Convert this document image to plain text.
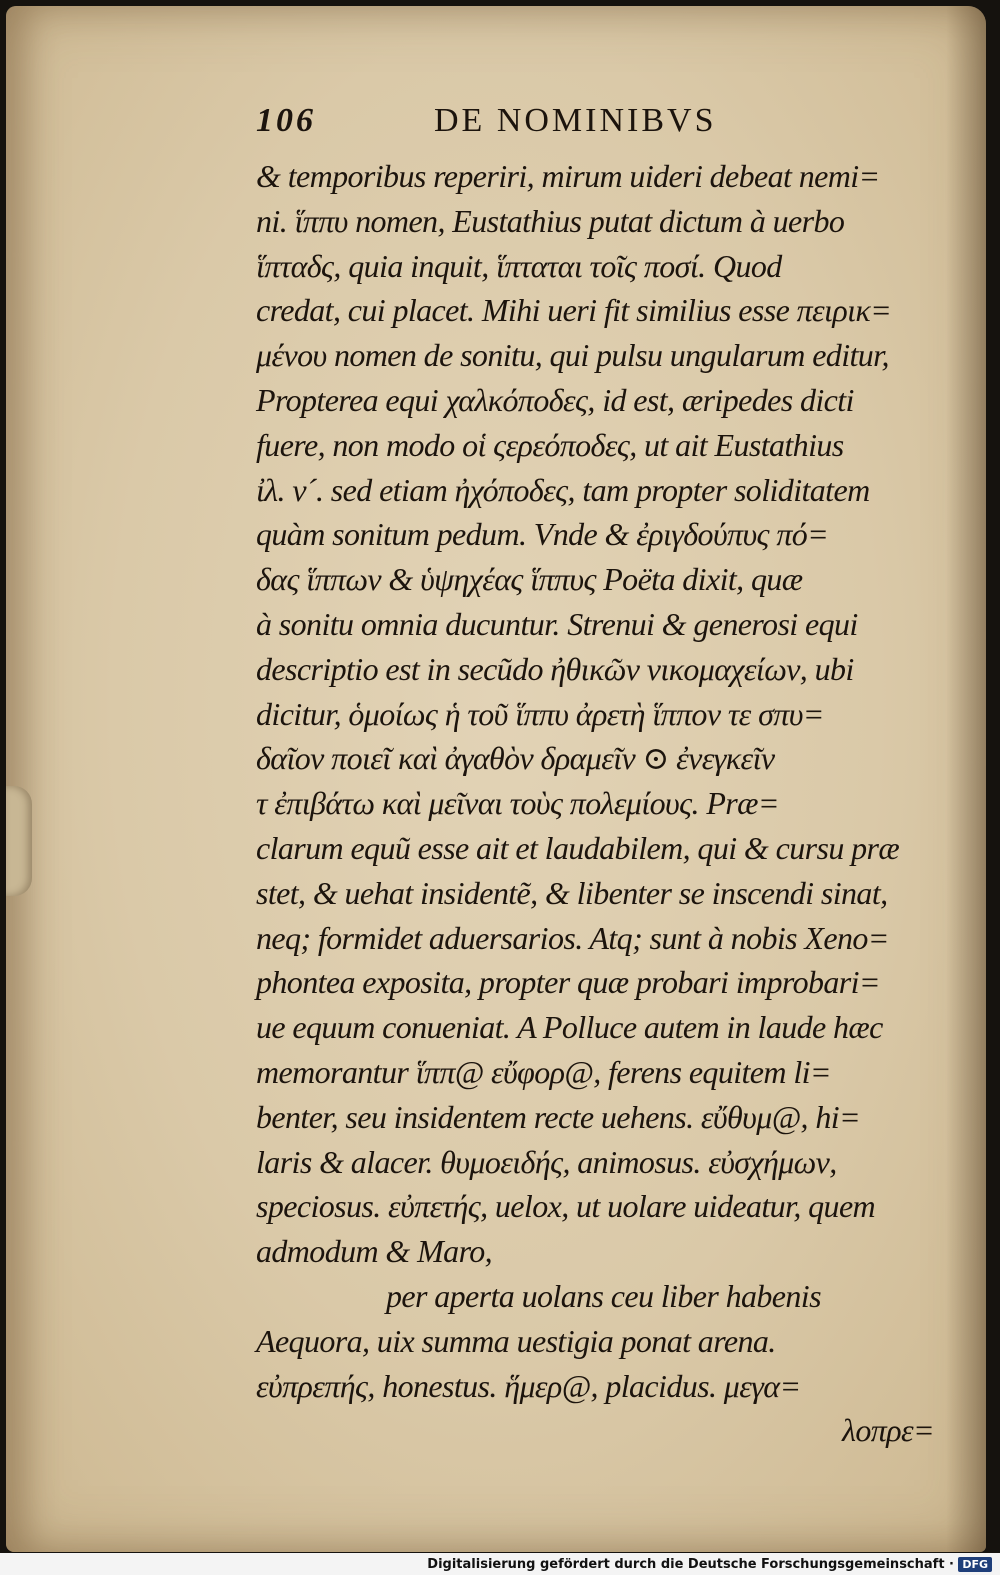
106	DE NOMINIBVS
& temporibus reperiri, mirum uideri debeat nemi=
ni. ἵππυ nomen, Eustathius putat dictum à uerbo
ἵπταδς, quia inquit, ἵπταται τοῖς ποσί. Quod
credat, cui placet. Mihi ueri fit similius esse πειρικ=
μένου nomen de sonitu, qui pulsu ungularum editur,
Propterea equi χαλκόποδες, id est, æripedes dicti
fuere, non modo οἱ ςερεόποδες, ut ait Eustathius
ἰλ. ν´. sed etiam ἠχόποδες, tam propter soliditatem
quàm sonitum pedum. Vnde & ἐριγδούπυς πό=
δας ἵππων & ὑψηχέας ἵππυς Poëta dixit, quæ
à sonitu omnia ducuntur. Strenui & generosi equi
descriptio est in secũdo ἠθικῶν νικομαχείων, ubi
dicitur, ὁμοίως ἡ τοῦ ἵππυ ἀρετὴ ἵππον τε σπυ=
δαῖον ποιεῖ καὶ ἀγαθὸν δραμεῖν ⊙ ἐνεγκεῖν
τ ἐπιβάτω καὶ μεῖναι τοὺς πολεμίους. Præ=
clarum equũ esse ait et laudabilem, qui & cursu præ
stet, & uehat insidentẽ, & libenter se inscendi sinat,
neq; formidet aduersarios. Atq; sunt à nobis Xeno=
phontea exposita, propter quæ probari improbari=
ue equum conueniat. A Polluce autem in laude hæc
memorantur ἵππ@ εὔφορ@, ferens equitem li=
benter, seu insidentem recte uehens. εὔθυμ@, hi=
laris & alacer. θυμοειδής, animosus. εὐσχήμων,
speciosus. εὐπετής, uelox, ut uolare uideatur, quem
admodum & Maro,
per aperta uolans ceu liber habenis
Aequora, uix summa uestigia ponat arena.
εὐπρεπής, honestus. ἥμερ@, placidus. μεγα=
λοπρε=
Digitalisierung gefördert durch die Deutsche Forschungsgemeinschaft · DFG
